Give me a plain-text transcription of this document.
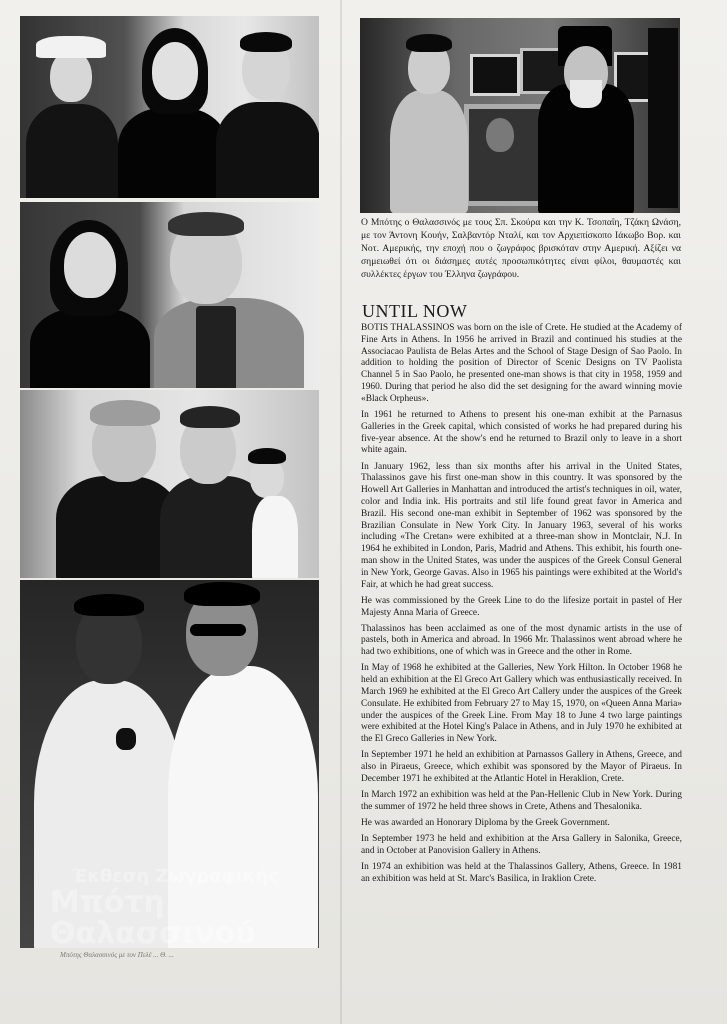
Έκθεση Ζωγραφικής
Μπότη Θαλασσινού
Μπότης Θαλασσινός με τον Πελέ ... Θ. ...
Ο Μπότης ο Θαλασσινός με τους Σπ. Σκούρα και την Κ. Τσοπαΐη, Τζάκη Ωνάση, με τον Άντονη Κουήν, Σαλβαντόρ Νταλί, και τον Αρχιεπίσκοπο Ιάκωβο Βορ. και Νοτ. Αμερικής, την εποχή που ο ζωγράφος βρισκόταν στην Αμερική. Αξίζει να σημειωθεί ότι οι διάσημες αυτές προσωπικότητες είναι φίλοι, θαυμαστές και συλλέκτες έργων του Έλληνα ζωγράφου.
UNTIL NOW

BOTIS THALASSINOS was born on the isle of Crete. He studied at the Academy of Fine Arts in Athens. In 1956 he arrived in Brazil and continued his studies at the Associacao Paulista de Belas Artes and the School of Stage Design of Sao Paolo. In addition to holding the position of Director of Scenic Designs on TV Paolista Channel 5 in Sao Paolo, he presented one-man shows is that city in 1958, 1959 and 1960. During that period he also did the set designing for the award winning movie «Black Orpheus».

In 1961 he returned to Athens to present his one-man exhibit at the Parnasus Galleries in the Greek capital, which consisted of works he had prepared during his five-year absence. At the show's end he returned to Brazil only to leave in a short white again.

In January 1962, less than six months after his arrival in the United States, Thalassinos gave his first one-man show in this country. It was sponsored by the Howell Art Galleries in Manhattan and introduced the artist's techniques in oil, water, color and India ink. His portraits and stil life found great favor in America and Brazil. His second one-man exhibit in September of 1962 was sponsored by the Brazilian Consulate in New York City. In January 1963, several of his works including «The Cretan» were exhibited at a three-man show in Montclair, N.J. In 1964 he exhibited in London, Paris, Madrid and Athens. This exhibit, his fourth one-man show in the United States, was under the auspices of the Greek Consul General in New York, George Gavas. Also in 1965 his paintings were exhibited at the World's Fair, at which he had great success.

He was commissioned by the Greek Line to do the lifesize portait in pastel of Her Majesty Anna Maria of Greece.

Thalassinos has been acclaimed as one of the most dynamic artists in the use of pastels, both in America and abroad. In 1966 Mr. Thalassinos went abroad where he had two exhibitions, one of which was in Greece and the other in Rome.

In May of 1968 he exhibited at the Galleries, New York Hilton. In October 1968 he held an exhibition at the El Greco Art Gallery which was enthusiastically received. In March 1969 he exhibited at the El Greco Art Callery under the auspices of the Greek Consulate. He exhibited from February 27 to May 15, 1970, on «Queen Anna Maria» under the auspices of the Greek Line. From May 18 to June 4 two large paintings were exhibited at the Hotel King's Palace in Athens, and in July 1970 he exhibited at the El Greco Galleries in New York.

In September 1971 he held an exhibition at Parnassos Gallery in Athens, Greece, and also in Piraeus, Greece, which exhibit was sponsored by the Mayor of Piraeus. In December 1971 he exhibited at the Atlantic Hotel in Heraklion, Crete.

In March 1972 an exhibition was held at the Pan-Hellenic Club in New York. During the summer of 1972 he held three shows in Crete, Athens and Thesalonika.

He was awarded an Honorary Diploma by the Greek Government.

In September 1973 he held and exhibition at the Arsa Gallery in Salonika, Greece, and in October at Panovision Gallery in Athens.

In 1974 an exhibition was held at the Thalassinos Gallery, Athens, Greece. In 1981 an exhibition was held at St. Marc's Basilica, in Iraklion Crete.
